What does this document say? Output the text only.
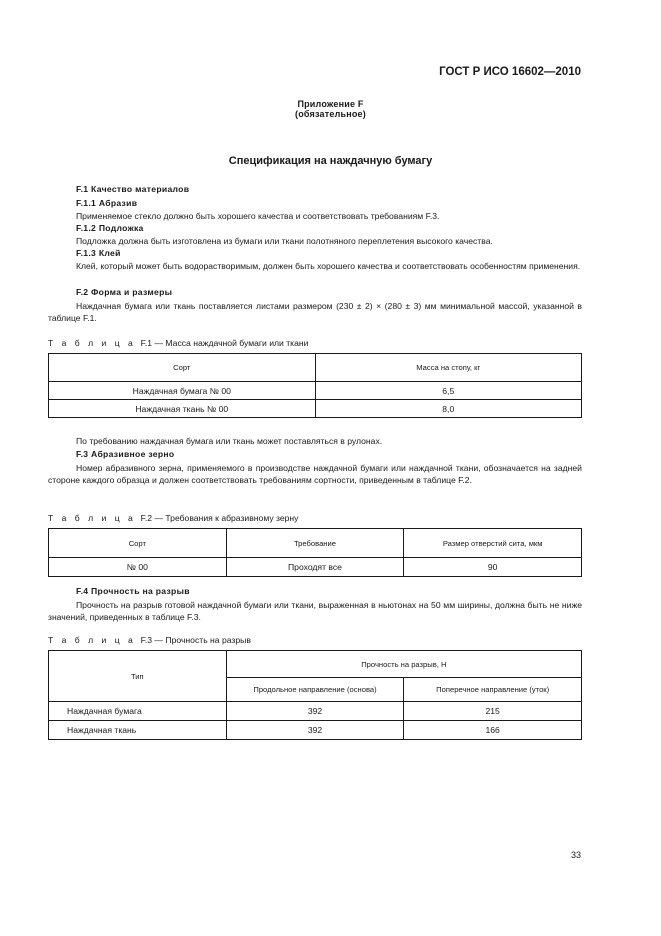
ГОСТ Р ИСО 16602—2010
Приложение F
(обязательное)
Спецификация на наждачную бумагу
F.1 Качество материалов
F.1.1 Абразив
Применяемое стекло должно быть хорошего качества и соответствовать требованиям F.3.
F.1.2 Подложка
Подложка должна быть изготовлена из бумаги или ткани полотняного переплетения высокого качества.
F.1.3 Клей
Клей, который может быть водорастворимым, должен быть хорошего качества и соответствовать особенностям применения.
F.2 Форма и размеры
Наждачная бумага или ткань поставляется листами размером (230 ± 2) × (280 ± 3) мм минимальной массой, указанной в таблице F.1.
Т а б л и ц а F.1 — Масса наждачной бумаги или ткани
Сорт	Масса на стопу, кг
Наждачная бумага № 00	6,5
Наждачная ткань № 00	8,0
По требованию наждачная бумага или ткань может поставляться в рулонах.
F.3 Абразивное зерно
Номер абразивного зерна, применяемого в производстве наждачной бумаги или наждачной ткани, обозначается на задней стороне каждого образца и должен соответствовать требованиям сортности, приведенным в таблице F.2.
Т а б л и ц а F.2 — Требования к абразивному зерну
Сорт	Требование	Размер отверстий сита, мкм
№ 00	Проходят все	90
F.4 Прочность на разрыв
Прочность на разрыв готовой наждачной бумаги или ткани, выраженная в ньютонах на 50 мм ширины, должна быть не ниже значений, приведенных в таблице F.3.
Т а б л и ц а F.3 — Прочность на разрыв
Тип	Прочность на разрыв, Н	
	Продольное направление (основа)	Поперечное направление (уток)
Наждачная бумага	392	215
Наждачная ткань	392	166
33
